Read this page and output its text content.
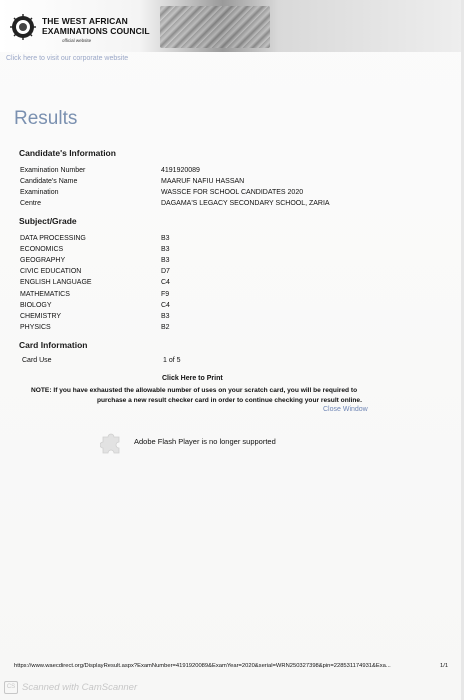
THE WEST AFRICAN
EXAMINATIONS COUNCIL
official website
Click here to visit our corporate website
Results
Candidate's Information
Examination Number	4191920089
Candidate's Name	MAARUF NAFIU HASSAN
Examination	WASSCE FOR SCHOOL CANDIDATES 2020
Centre	DAGAMA'S LEGACY SECONDARY SCHOOL, ZARIA
Subject/Grade
DATA PROCESSING	B3
ECONOMICS	B3
GEOGRAPHY	B3
CIVIC EDUCATION	D7
ENGLISH LANGUAGE	C4
MATHEMATICS	F9
BIOLOGY	C4
CHEMISTRY	B3
PHYSICS	B2
Card Information
Card Use	1 of 5
Click Here to Print
NOTE: If you have exhausted the allowable number of uses on your scratch card, you will be required to
purchase a new result checker card in order to continue checking your result online.
Close Window
Adobe Flash Player is no longer supported
https://www.waecdirect.org/DisplayResult.aspx?ExamNumber=4191920089&ExamYear=2020&serial=WRN250327398&pin=228531174931&Exa...	1/1
CS Scanned with CamScanner
